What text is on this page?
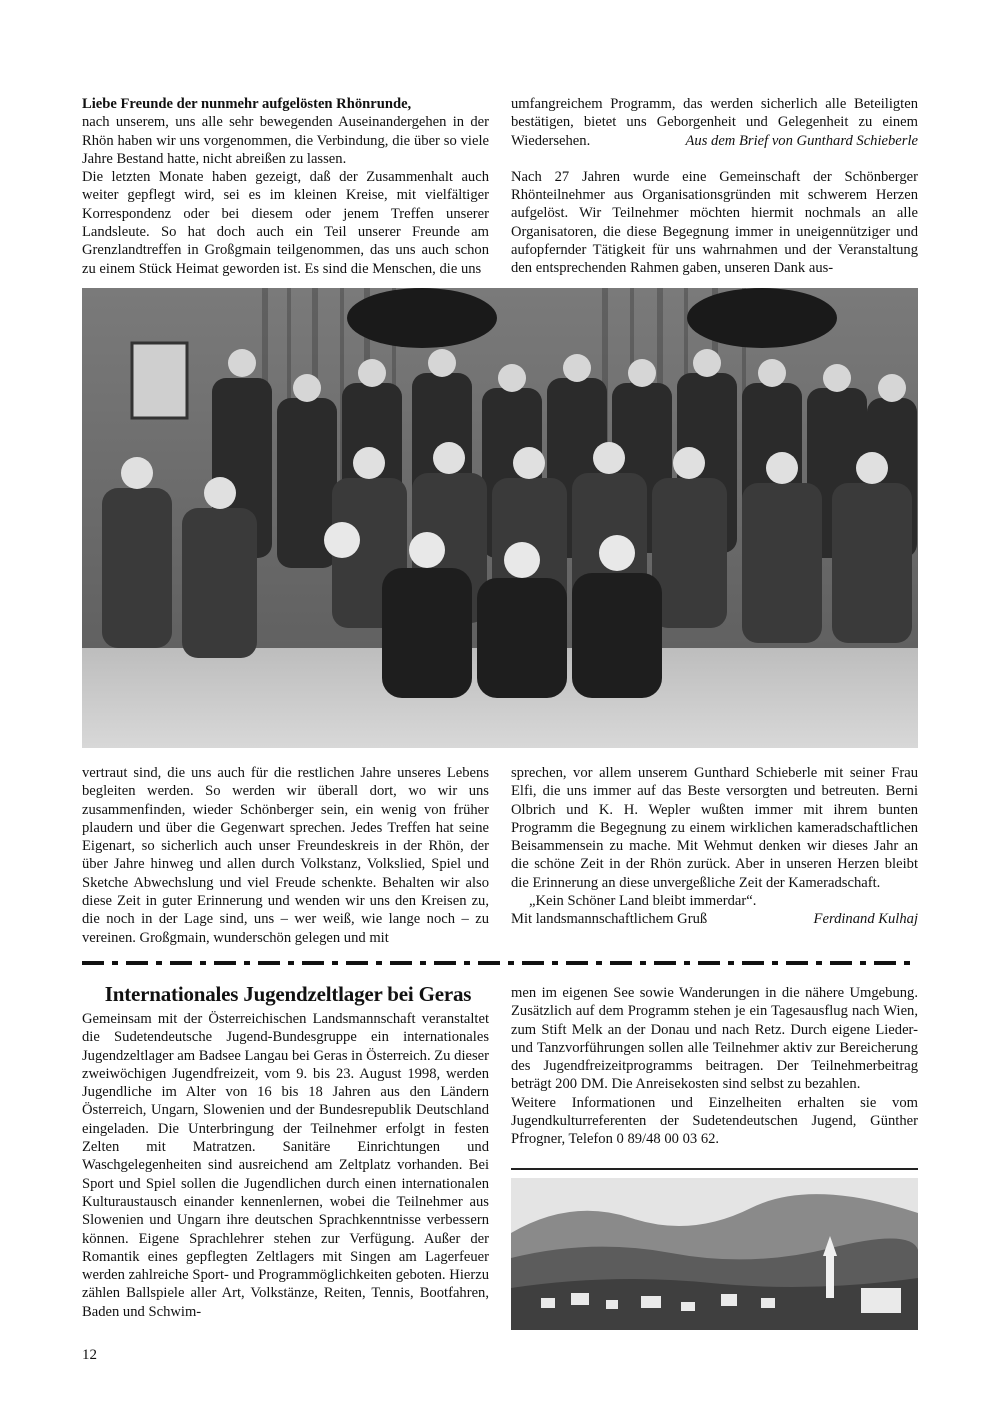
Liebe Freunde der nunmehr aufgelösten Rhönrunde,

nach unserem, uns alle sehr bewegenden Auseinandergehen in der Rhön haben wir uns vorgenommen, die Verbindung, die über so viele Jahre Bestand hatte, nicht abreißen zu lassen.

Die letzten Monate haben gezeigt, daß der Zusammenhalt auch weiter gepflegt wird, sei es im kleinen Kreise, mit vielfältiger Korrespondenz oder bei diesem oder jenem Treffen unserer Landsleute. So hat doch auch ein Teil unserer Freunde am Grenzlandtreffen in Großgmain teilgenommen, das uns auch schon zu einem Stück Heimat geworden ist. Es sind die Menschen, die uns

umfangreichem Programm, das werden sicherlich alle Beteiligten bestätigen, bietet uns Geborgenheit und Gelegenheit zu einem Wiedersehen.	Aus dem Brief von Gunthard Schieberle

Nach 27 Jahren wurde eine Gemeinschaft der Schönberger Rhönteilnehmer aus Organisationsgründen mit schwerem Herzen aufgelöst. Wir Teilnehmer möchten hiermit nochmals an alle Organisatoren, die diese Begegnung immer in uneigennütziger und aufopfernder Tätigkeit für uns wahrnahmen und der Veranstaltung den entsprechenden Rahmen gaben, unseren Dank aus-

vertraut sind, die uns auch für die restlichen Jahre unseres Lebens begleiten werden. So werden wir überall dort, wo wir uns zusammenfinden, wieder Schönberger sein, ein wenig von früher plaudern und über die Gegenwart sprechen. Jedes Treffen hat seine Eigenart, so sicherlich auch unser Freundeskreis in der Rhön, der über Jahre hinweg und allen durch Volkstanz, Volkslied, Spiel und Sketche Abwechslung und viel Freude schenkte. Behalten wir also diese Zeit in guter Erinnerung und wenden wir uns den Kreisen zu, die noch in der Lage sind, uns – wer weiß, wie lange noch – zu vereinen. Großgmain, wunderschön gelegen und mit

sprechen, vor allem unserem Gunthard Schieberle mit seiner Frau Elfi, die uns immer auf das Beste versorgten und betreuten. Berni Olbrich und K. H. Wepler wußten immer mit ihrem bunten Programm die Begegnung zu einem wirklichen kameradschaftlichen Beisammensein zu mache. Mit Wehmut denken wir dieses Jahr an die schöne Zeit in der Rhön zurück. Aber in unseren Herzen bleibt die Erinnerung an diese unvergeßliche Zeit der Kameradschaft.

„Kein Schöner Land bleibt immerdar“.

Mit landsmannschaftlichem Gruß	Ferdinand Kulhaj
Internationales Jugendzeltlager bei Geras

Gemeinsam mit der Österreichischen Landsmannschaft veranstaltet die Sudetendeutsche Jugend-Bundesgruppe ein internationales Jugendzeltlager am Badsee Langau bei Geras in Österreich. Zu dieser zweiwöchigen Jugendfreizeit, vom 9. bis 23. August 1998, werden Jugendliche im Alter von 16 bis 18 Jahren aus den Ländern Österreich, Ungarn, Slowenien und der Bundesrepublik Deutschland eingeladen. Die Unterbringung der Teilnehmer erfolgt in festen Zelten mit Matratzen. Sanitäre Einrichtungen und Waschgelegenheiten sind ausreichend am Zeltplatz vorhanden. Bei Sport und Spiel sollen die Jugendlichen durch einen internationalen Kulturaustausch einander kennenlernen, wobei die Teilnehmer aus Slowenien und Ungarn ihre deutschen Sprachkenntnisse verbessern können. Eigene Sprachlehrer stehen zur Verfügung. Außer der Romantik eines gepflegten Zeltlagers mit Singen am Lagerfeuer werden zahlreiche Sport- und Programmöglichkeiten geboten. Hierzu zählen Ballspiele aller Art, Volkstänze, Reiten, Tennis, Bootfahren, Baden und Schwim-

men im eigenen See sowie Wanderungen in die nähere Umgebung. Zusätzlich auf dem Programm stehen je ein Tagesausflug nach Wien, zum Stift Melk an der Donau und nach Retz. Durch eigene Lieder- und Tanzvorführungen sollen alle Teilnehmer aktiv zur Bereicherung des Jugendfreizeitprogramms beitragen. Der Teilnehmerbeitrag beträgt 200 DM. Die Anreisekosten sind selbst zu bezahlen.

Weitere Informationen und Einzelheiten erhalten sie vom Jugendkulturreferenten der Sudetendeutschen Jugend, Günther Pfrogner, Telefon 0 89/48 00 03 62.

12
